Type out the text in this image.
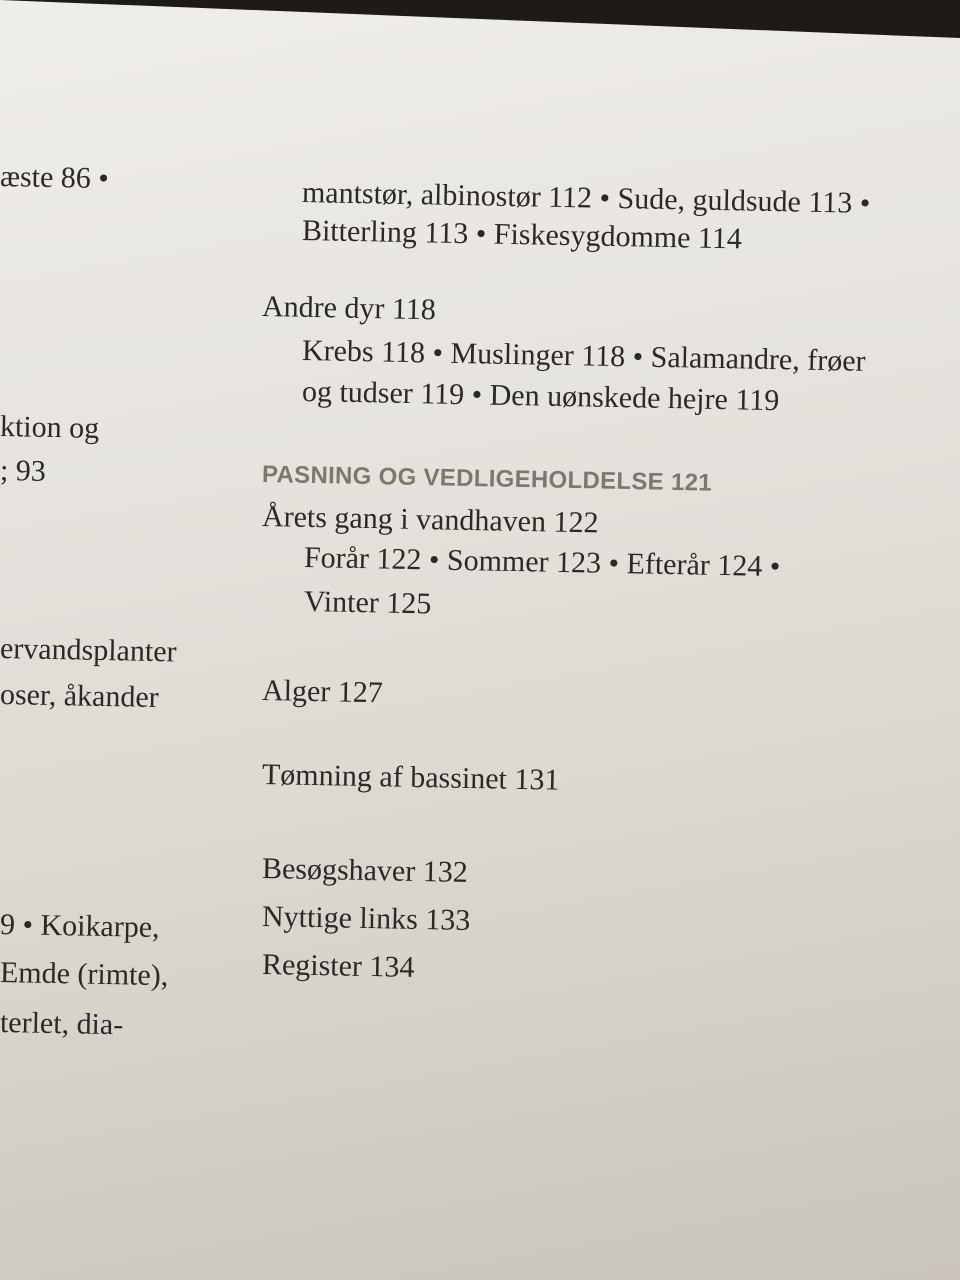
æste 86 •
ktion og
; 93
ervandsplanter
oser, åkander
9 • Koikarpe,
Emde (rimte),
terlet, dia-
mantstør, albinostør 112 • Sude, guldsude 113 •
Bitterling 113 • Fiskesygdomme 114
Andre dyr 118
Krebs 118 • Muslinger 118 • Salamandre, frøer
og tudser 119 • Den uønskede hejre 119
PASNING OG VEDLIGEHOLDELSE 121
Årets gang i vandhaven 122
Forår 122 • Sommer 123 • Efterår 124 •
Vinter 125
Alger 127
Tømning af bassinet 131
Besøgshaver 132
Nyttige links 133
Register 134
